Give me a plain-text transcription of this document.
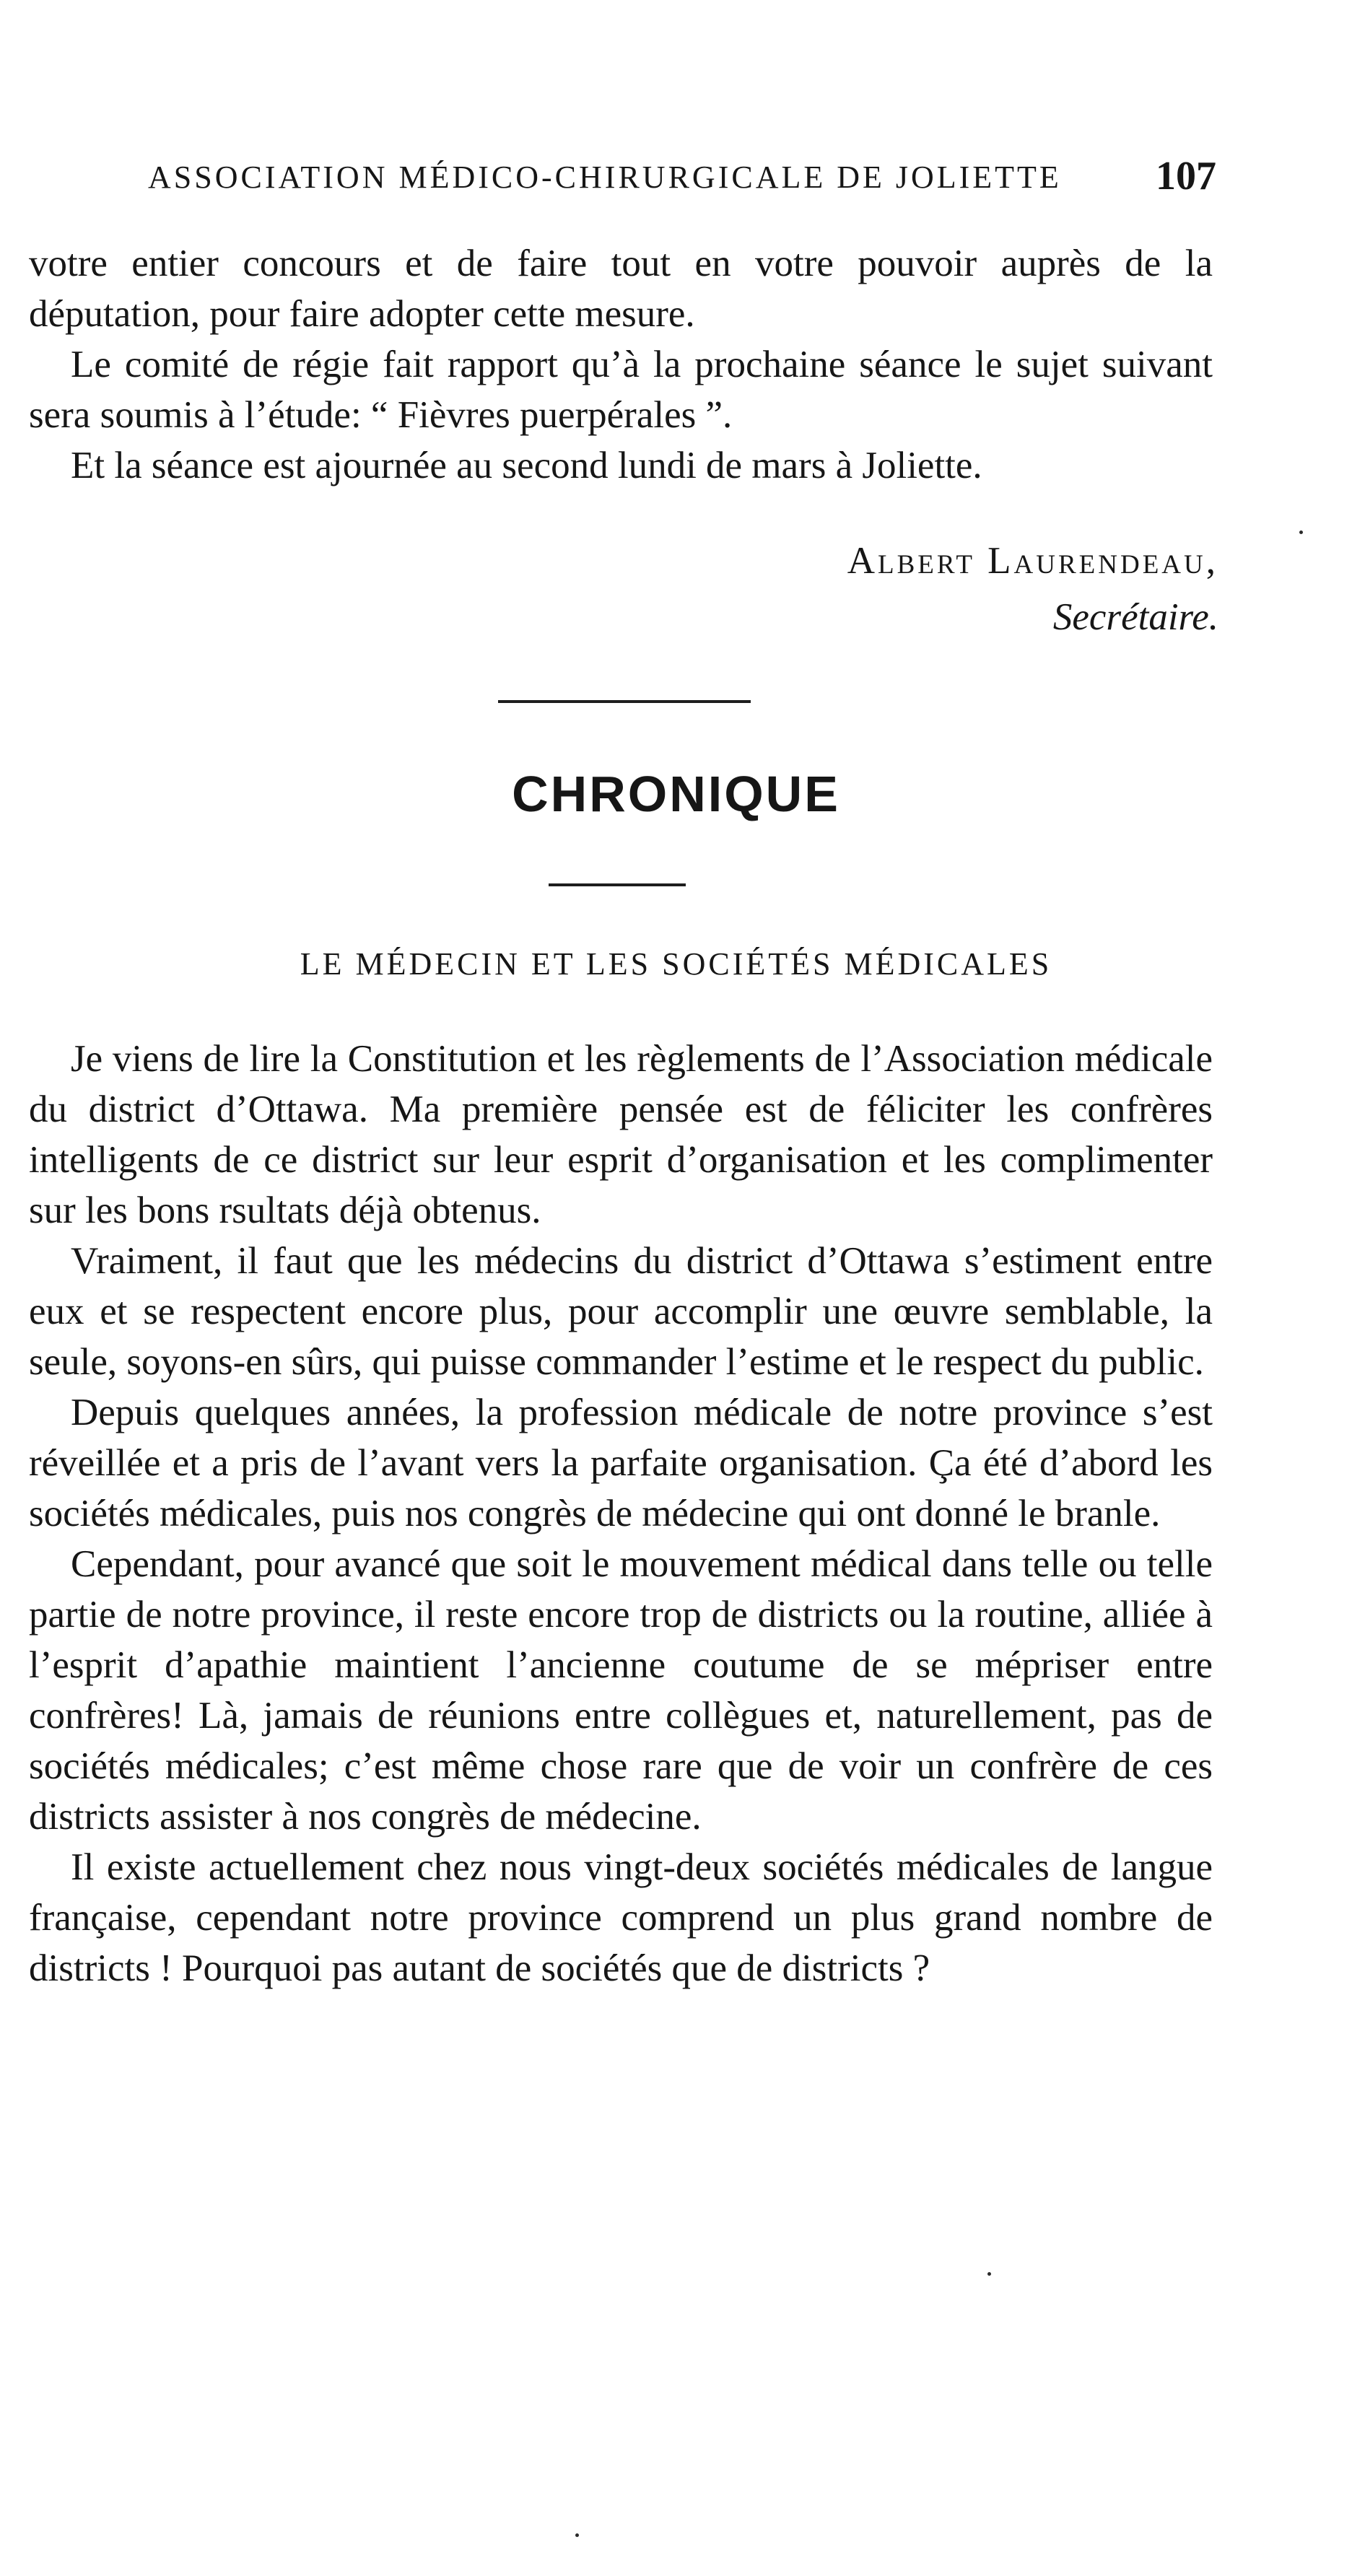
ASSOCIATION MÉDICO-CHIRURGICALE DE JOLIETTE 107

votre entier concours et de faire tout en votre pouvoir auprès de la députation, pour faire adopter cette mesure.

Le comité de régie fait rapport qu’à la prochaine séance le sujet suivant sera soumis à l’étude: “ Fièvres puerpérales ”.

Et la séance est ajournée au second lundi de mars à Joliette.

Albert Laurendeau,
Secrétaire.
CHRONIQUE
LE MÉDECIN ET LES SOCIÉTÉS MÉDICALES

Je viens de lire la Constitution et les règlements de l’Association médicale du district d’Ottawa. Ma première pensée est de féliciter les confrères intelligents de ce district sur leur esprit d’organisation et les complimenter sur les bons rsultats déjà obtenus.

Vraiment, il faut que les médecins du district d’Ottawa s’estiment entre eux et se respectent encore plus, pour accomplir une œuvre semblable, la seule, soyons-en sûrs, qui puisse commander l’estime et le respect du public.

Depuis quelques années, la profession médicale de notre province s’est réveillée et a pris de l’avant vers la parfaite organisation. Ça été d’abord les sociétés médicales, puis nos congrès de médecine qui ont donné le branle.

Cependant, pour avancé que soit le mouvement médical dans telle ou telle partie de notre province, il reste encore trop de districts ou la routine, alliée à l’esprit d’apathie maintient l’ancienne coutume de se mépriser entre confrères! Là, jamais de réunions entre collègues et, naturellement, pas de sociétés médicales; c’est même chose rare que de voir un confrère de ces districts assister à nos congrès de médecine.

Il existe actuellement chez nous vingt-deux sociétés médicales de langue française, cependant notre province comprend un plus grand nombre de districts ! Pourquoi pas autant de sociétés que de districts ?
